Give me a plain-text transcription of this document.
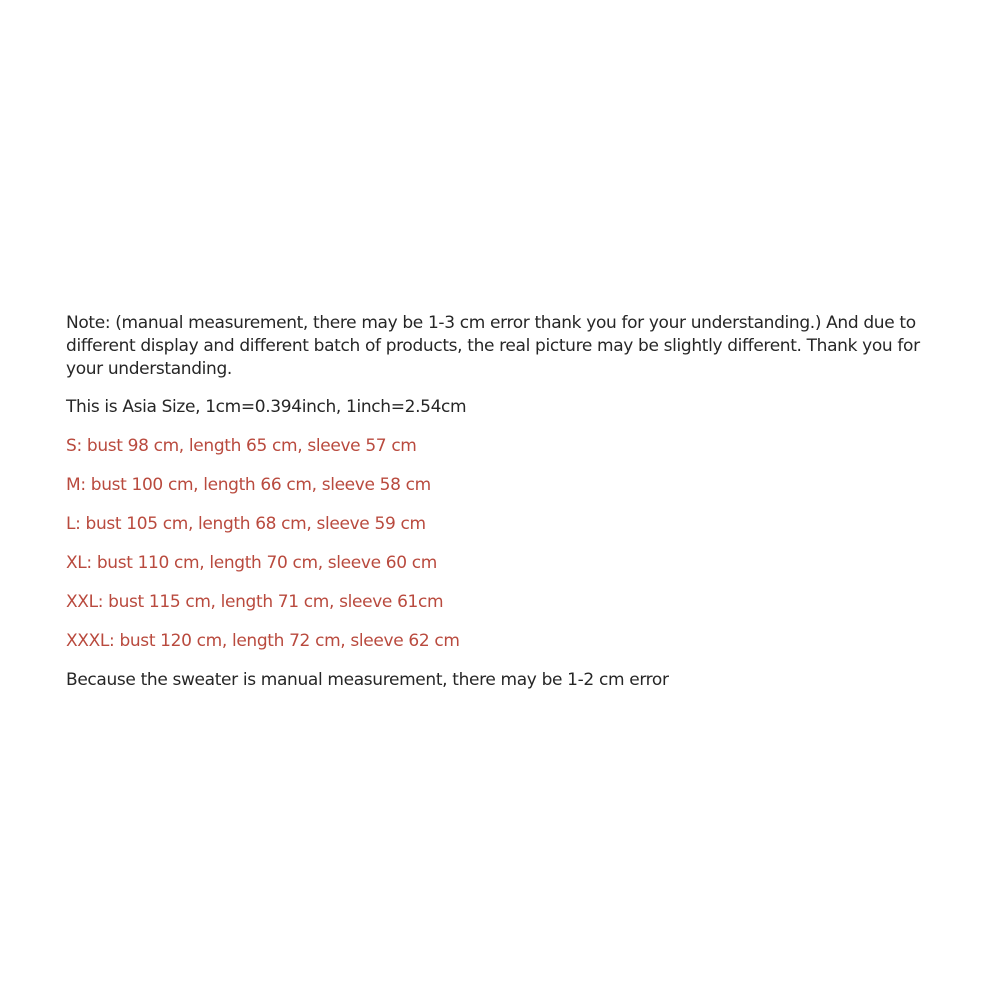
Note: (manual measurement, there may be 1-3 cm error thank you for your understanding.) And due to different display and different batch of products, the real picture may be slightly different. Thank you for your understanding.

This is Asia Size, 1cm=0.394inch, 1inch=2.54cm

S: bust 98 cm, length 65 cm, sleeve 57 cm
M: bust 100 cm, length 66 cm, sleeve 58 cm
L: bust 105 cm, length 68 cm, sleeve 59 cm
XL: bust 110 cm, length 70 cm, sleeve 60 cm
XXL: bust 115 cm, length 71 cm, sleeve 61cm
XXXL: bust 120 cm, length 72 cm, sleeve 62 cm

Because the sweater is manual measurement, there may be 1-2 cm error
